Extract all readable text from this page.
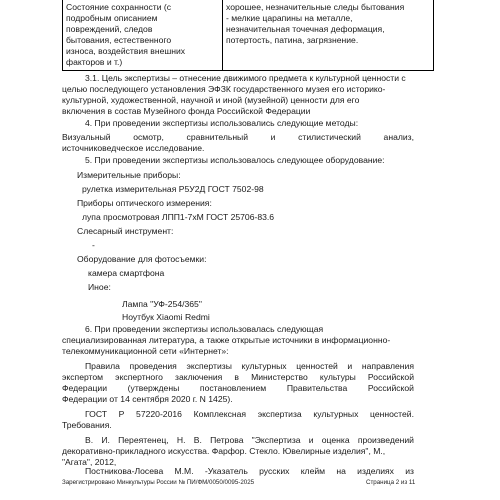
Состояние сохранности (с
подробным описанием
повреждений, следов
бытования, естественного
износа, воздействия внешних
факторов и т.)
хорошее, незначительные следы бытования
- мелкие царапины на металле,
незначительная точечная деформация,
потертость, патина, загрязнение.
3.1. Цель экспертизы – отнесение движимого предмета к культурной ценности с
целью последующего установления ЭФЗК государственного музея его историко-
культурной, художественной, научной и иной (музейной) ценности для его
включения в состав Музейного фонда Российской Федерации
4. При проведении экспертизы использовались следующие методы:
Визуальный осмотр, сравнительный и стилистический анализ,
источниковедческое исследование.
5. При проведении экспертизы использовалось следующее оборудование:
Измерительные приборы:
рулетка измерительная Р5У2Д ГОСТ 7502-98
Приборы оптического измерения:
лупа просмотровая ЛПП1-7хМ ГОСТ 25706-83.6
Слесарный инструмент:
-
Оборудование для фотосъемки:
камера смартфона
Иное:
Лампа "УФ-254/365"
Ноутбук Xiaomi Redmi
6. При проведении экспертизы использовалась следующая
специализированная литература, а также открытые источники в информационно-
телекоммуникационной сети «Интернет»:
Правила проведения экспертизы культурных ценностей и направления
экспертом экспертного заключения в Министерство культуры Российской
Федерации (утверждены постановлением Правительства Российской
Федерации от 14 сентября 2020 г. N 1425).
ГОСТ Р 57220-2016 Комплексная экспертиза культурных ценностей.
Требования.
В. И. Переятенец, Н. В. Петрова "Экспертиза и оценка произведений
декоративно-прикладного искусства. Фарфор. Стекло. Ювелирные изделия", М.,
"Агата", 2012,
Постникова-Лосева М.М. -Указатель русских клейм на изделиях из
Зарегистрировано Минкультуры России № ПИ/ФМ/0050/0095-2025	Страница 2 из 11
